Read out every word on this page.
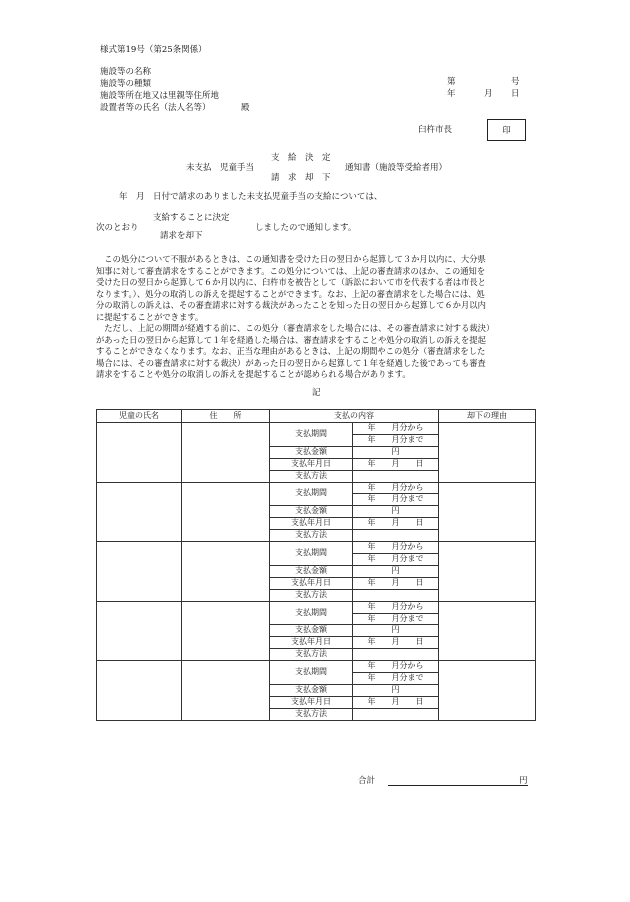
様式第19号（第25条関係）
施設等の名称
施設等の種類
施設等所在地又は里親等住所地
設置者等の氏名（法人名等）	殿
第	号
年	月 日
臼杵市長	印
支　給　決　定
未支払　児童手当	通知書（施設等受給者用）
請　求　却　下
年　月　日付で請求のありました未支払児童手当の支給については、
支給することに決定
次のとおり	しましたので通知します。
請求を却下
　この処分について不服があるときは、この通知書を受けた日の翌日から起算して３か月以内に、大分県
知事に対して審査請求をすることができます。この処分については、上記の審査請求のほか、この通知を
受けた日の翌日から起算して６か月以内に、臼杵市を被告として（訴訟において市を代表する者は市長と
なります。）、処分の取消しの訴えを提起することができます。なお、上記の審査請求をした場合には、処
分の取消しの訴えは、その審査請求に対する裁決があったことを知った日の翌日から起算して６か月以内
に提起することができます。
　ただし、上記の期間が経過する前に、この処分（審査請求をした場合には、その審査請求に対する裁決）
があった日の翌日から起算して１年を経過した場合は、審査請求をすることや処分の取消しの訴えを提起
することができなくなります。なお、正当な理由があるときは、上記の期間やこの処分（審査請求をした
場合には、その審査請求に対する裁決）があった日の翌日から起算して１年を経過した後であっても審査
請求をすることや処分の取消しの訴えを提起することが認められる場合があります。
記
児童の氏名	住　　所	支払の内容		却下の理由
		支払期間	年　　月分から	
			年　　月分まで	
		支払金額	円	
		支払年月日	年　　月　　日	
		支払方法		
		支払期間	年　　月分から	
			年　　月分まで	
		支払金額	円	
		支払年月日	年　　月　　日	
		支払方法		
		支払期間	年　　月分から	
			年　　月分まで	
		支払金額	円	
		支払年月日	年　　月　　日	
		支払方法		
		支払期間	年　　月分から	
			年　　月分まで	
		支払金額	円	
		支払年月日	年　　月　　日	
		支払方法		
		支払期間	年　　月分から	
			年　　月分まで	
		支払金額	円	
		支払年月日	年　　月　　日	
		支払方法		
合計	円
